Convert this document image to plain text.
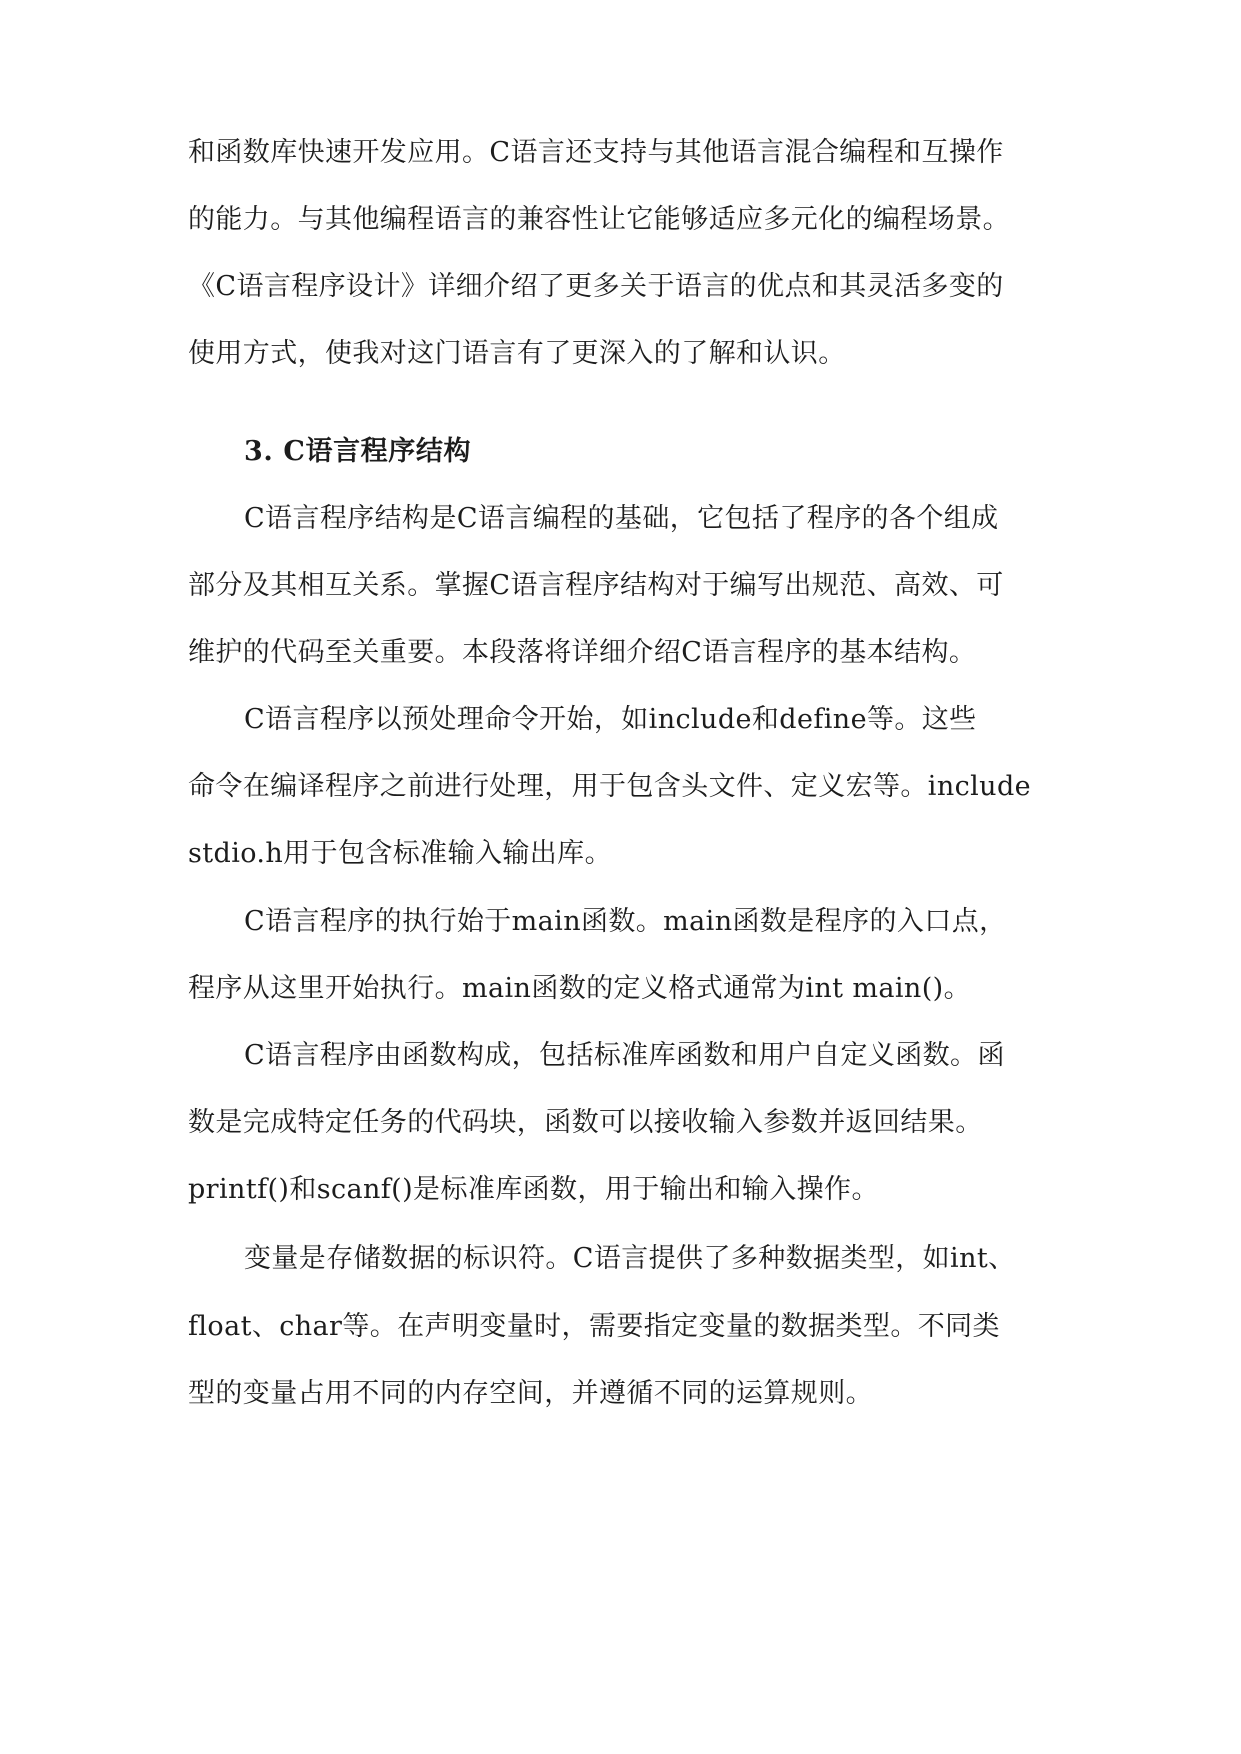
和函数库快速开发应用。C语言还支持与其他语言混合编程和互操作
的能力。与其他编程语言的兼容性让它能够适应多元化的编程场景。
《C语言程序设计》详细介绍了更多关于语言的优点和其灵活多变的
使用方式，使我对这门语言有了更深入的了解和认识。
3. C语言程序结构
C语言程序结构是C语言编程的基础，它包括了程序的各个组成
部分及其相互关系。掌握C语言程序结构对于编写出规范、高效、可
维护的代码至关重要。本段落将详细介绍C语言程序的基本结构。
C语言程序以预处理命令开始，如include和define等。这些
命令在编译程序之前进行处理，用于包含头文件、定义宏等。include
stdio.h用于包含标准输入输出库。
C语言程序的执行始于main函数。main函数是程序的入口点，
程序从这里开始执行。main函数的定义格式通常为int main()。
C语言程序由函数构成，包括标准库函数和用户自定义函数。函
数是完成特定任务的代码块，函数可以接收输入参数并返回结果。
printf()和scanf()是标准库函数，用于输出和输入操作。
变量是存储数据的标识符。C语言提供了多种数据类型，如int、
float、char等。在声明变量时，需要指定变量的数据类型。不同类
型的变量占用不同的内存空间，并遵循不同的运算规则。
